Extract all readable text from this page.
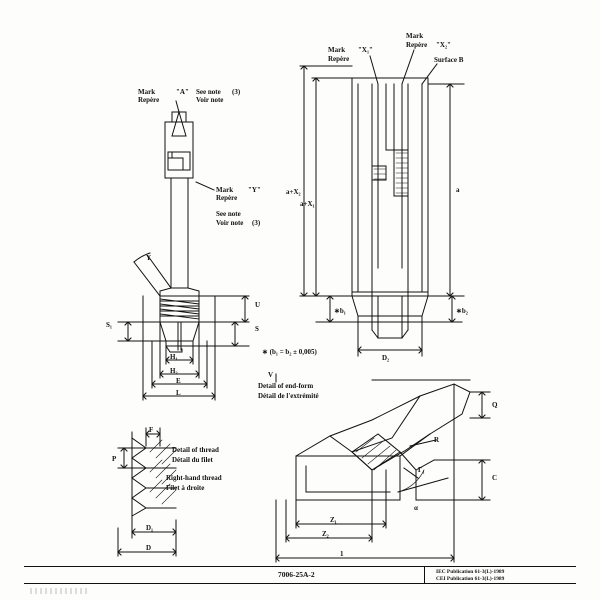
Mark
Repère
"A" See note
Voir note
(3)
Mark
Repère
"Y"
See note
Voir note (3)
Y
U
S
S₁
H₁
H₂
L
E
Mark
Repère
"X₁"
Mark
Repère "X₂"
Surface B
a+X₂
a+X₁
a
∗b₁	∗b₂
D₂
∗ (b₁ = b₂ ± 0,005)
Detail of thread
Détail du filet
Right-hand thread
Filet à droite
F
P
D₁
D
Detail of end-form
Détail de l'extrémité
V
Q
R
C
Γ₁
α
Z₁
Z₂
1
7006-25A-2	IEC Publication 61-3(L)-1989
CEI Publication 61-3(L)-1989
